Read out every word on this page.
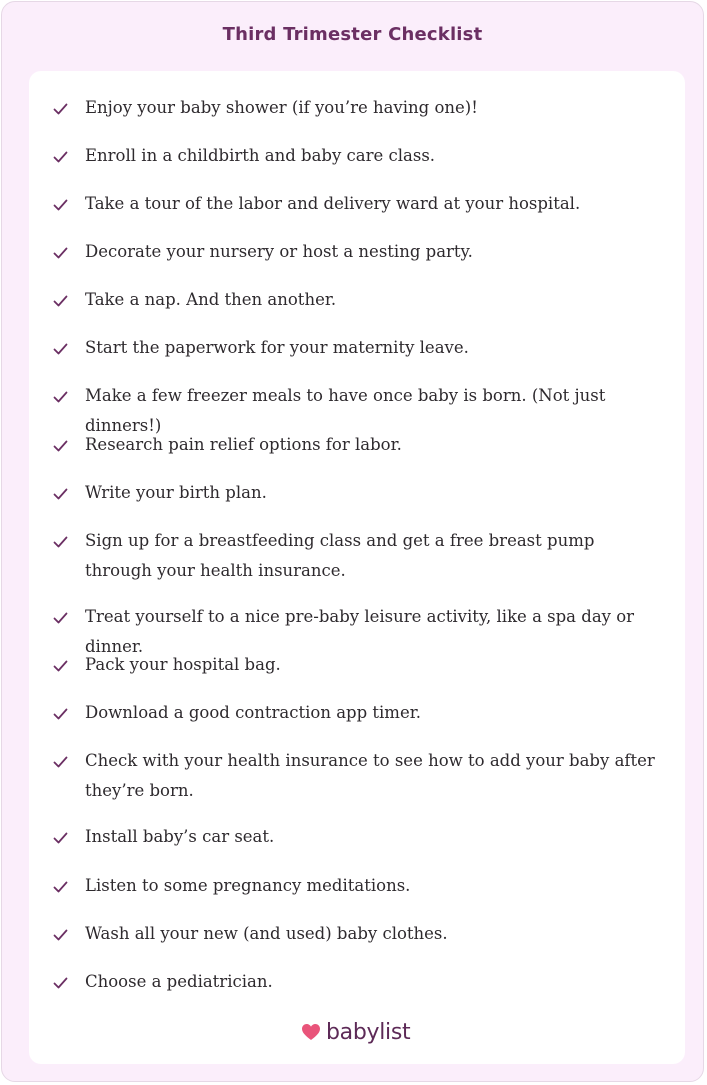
Third Trimester Checklist
Enjoy your baby shower (if you’re having one)!
Enroll in a childbirth and baby care class.
Take a tour of the labor and delivery ward at your hospital.
Decorate your nursery or host a nesting party.
Take a nap. And then another.
Start the paperwork for your maternity leave.
Make a few freezer meals to have once baby is born. (Not just dinners!)
Research pain relief options for labor.
Write your birth plan.
Sign up for a breastfeeding class and get a free breast pump through your health insurance.
Treat yourself to a nice pre-baby leisure activity, like a spa day or dinner.
Pack your hospital bag.
Download a good contraction app timer.
Check with your health insurance to see how to add your baby after they’re born.
Install baby’s car seat.
Listen to some pregnancy meditations.
Wash all your new (and used) baby clothes.
Choose a pediatrician.
babylist
